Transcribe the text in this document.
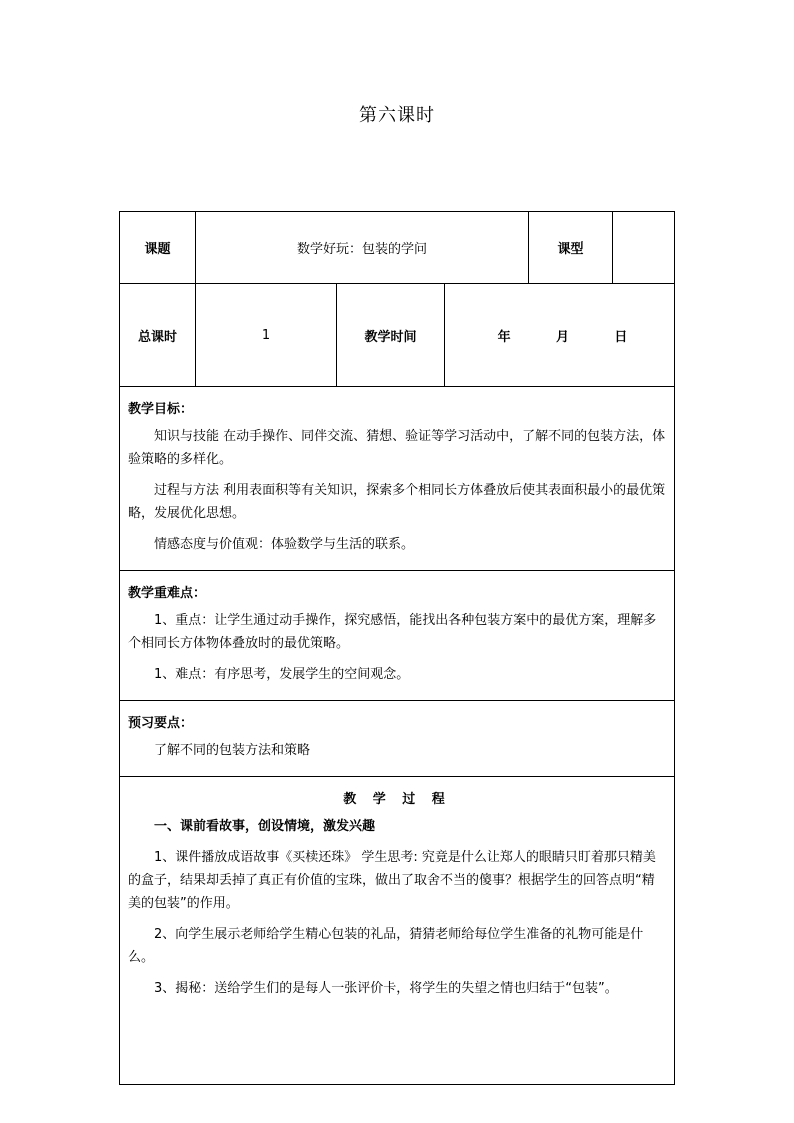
第六课时
课题	数学好玩：包装的学问			课型	
总课时	1	教学时间	年 月 日		

教学目标：

知识与技能 在动手操作、同伴交流、猜想、验证等学习活动中，了解不同的包装方法，体验策略的多样化。

过程与方法 利用表面积等有关知识，探索多个相同长方体叠放后使其表面积最小的最优策略，发展优化思想。

情感态度与价值观：体验数学与生活的联系。					

教学重难点：

1、重点：让学生通过动手操作，探究感悟，能找出各种包装方案中的最优方案，理解多个相同长方体物体叠放时的最优策略。

1、难点：有序思考，发展学生的空间观念。					

预习要点：

了解不同的包装方法和策略					

教 学 过 程
一、课前看故事，创设情境，激发兴趣

1、课件播放成语故事《买椟还珠》 学生思考: 究竟是什么让郑人的眼睛只盯着那只精美的盒子，结果却丢掉了真正有价值的宝珠，做出了取舍不当的傻事？根据学生的回答点明“精美的包装”的作用。

2、向学生展示老师给学生精心包装的礼品，猜猜老师给每位学生准备的礼物可能是什么。

3、揭秘：送给学生们的是每人一张评价卡，将学生的失望之情也归结于“包装”。					
